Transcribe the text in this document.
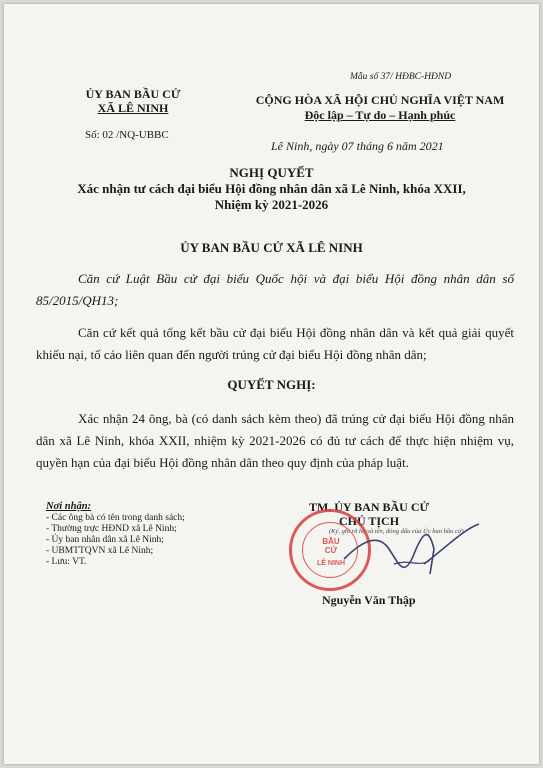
ỦY BAN BẦU CỬ
XÃ LÊ NINH
Số: 02 /NQ-UBBC
Mẫu số 37/ HĐBC-HĐND
CỘNG HÒA XÃ HỘI CHỦ NGHĨA VIỆT NAM
Độc lập – Tự do – Hạnh phúc
Lê Ninh, ngày 07 tháng 6 năm 2021
NGHỊ QUYẾT
Xác nhận tư cách đại biểu Hội đồng nhân dân xã Lê Ninh, khóa XXII,
Nhiệm kỳ 2021-2026
ỦY BAN BẦU CỬ XÃ LÊ NINH
Căn cứ Luật Bầu cử đại biểu Quốc hội và đại biểu Hội đồng nhân dân số 85/2015/QH13;
Căn cứ kết quả tổng kết bầu cử đại biểu Hội đồng nhân dân và kết quả giải quyết khiếu nại, tố cáo liên quan đến người trúng cử đại biểu Hội đồng nhân dân;
QUYẾT NGHỊ:
Xác nhận 24 ông, bà (có danh sách kèm theo) đã trúng cử đại biểu Hội đồng nhân dân xã Lê Ninh, khóa XXII, nhiệm kỳ 2021-2026 có đủ tư cách để thực hiện nhiệm vụ, quyền hạn của đại biểu Hội đồng nhân dân theo quy định của pháp luật.
Nơi nhận:
- Các ông bà có tên trong danh sách;
- Thường trực HĐND xã Lê Ninh;
- Ủy ban nhân dân xã Lê Ninh;
- UBMTTQVN xã Lê Ninh;
- Lưu: VT.
TM. ỦY BAN BẦU CỬ
CHỦ TỊCH
(Ký, ghi rõ họ và tên, đóng dấu của Ủy ban bầu cử)
BẦU
CỬ
LÊ NINH
Nguyễn Văn Thập
